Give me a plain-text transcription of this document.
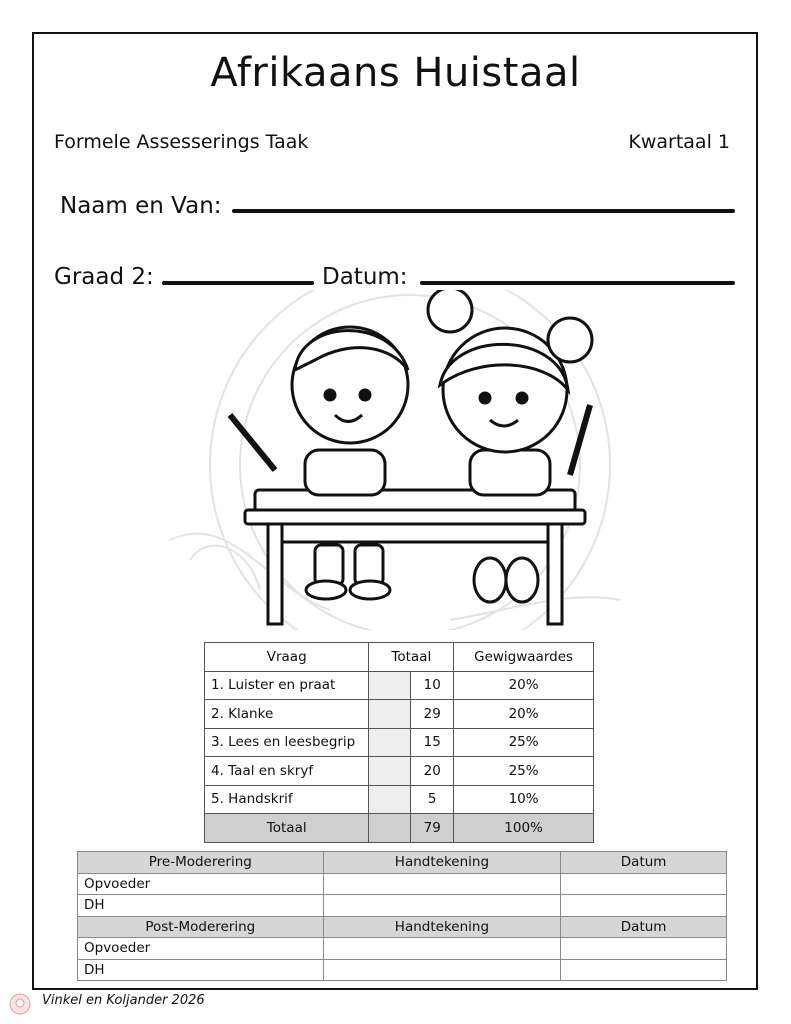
Afrikaans Huistaal
Formele Assesserings Taak	Kwartaal 1
Naam en Van:
Graad 2:	Datum:
Vraag	Totaal		Gewigwaardes
1. Luister en praat		10	20%
2. Klanke		29	20%
3. Lees en leesbegrip		15	25%
4. Taal en skryf		20	25%
5. Handskrif		5	10%
Totaal		79	100%
Pre-Moderering	Handtekening	Datum
Opvoeder		
DH		
Post-Moderering	Handtekening	Datum
Opvoeder		
DH		
Vinkel en Koljander 2026
